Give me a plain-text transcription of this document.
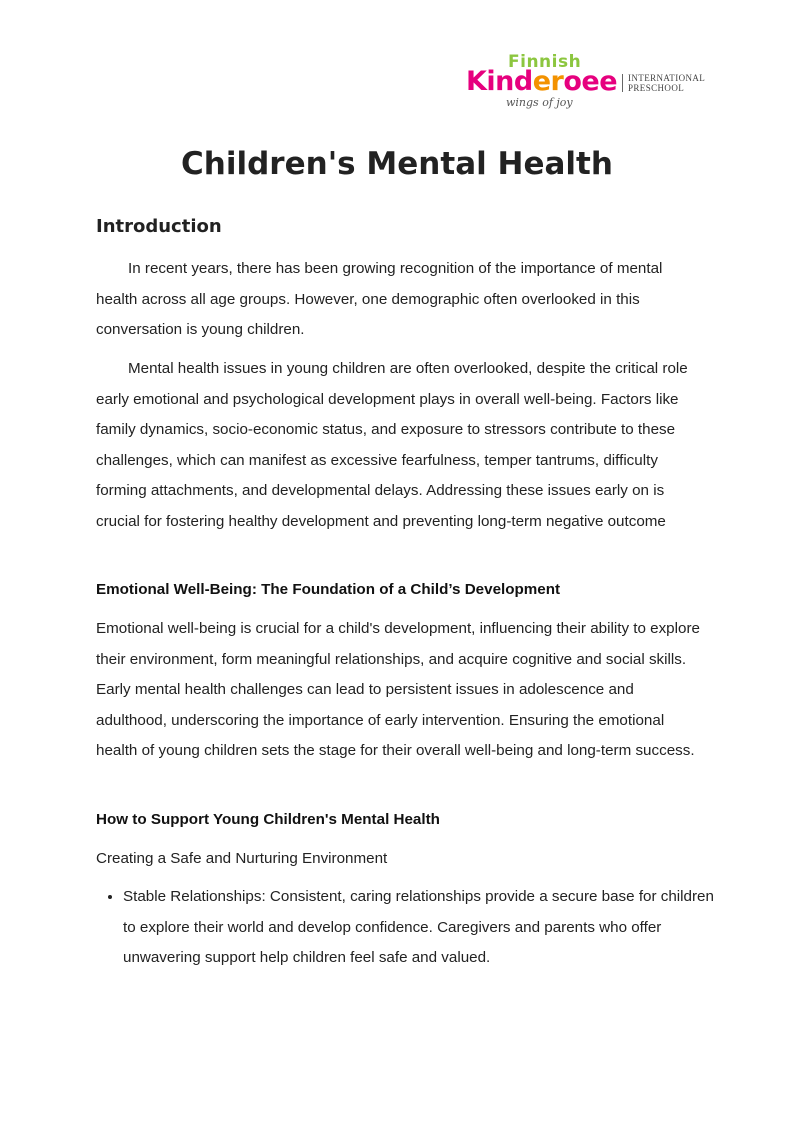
Finnish
Kinderoee
wings of joy
INTERNATIONAL
PRESCHOOL
Children's Mental Health
Introduction

In recent years, there has been growing recognition of the importance of mental health across all age groups. However, one demographic often overlooked in this conversation is young children.

Mental health issues in young children are often overlooked, despite the critical role early emotional and psychological development plays in overall well-being. Factors like family dynamics, socio-economic status, and exposure to stressors contribute to these challenges, which can manifest as excessive fearfulness, temper tantrums, difficulty forming attachments, and developmental delays. Addressing these issues early on is crucial for fostering healthy development and preventing long-term negative outcome

Emotional Well-Being: The Foundation of a Child’s Development

Emotional well-being is crucial for a child's development, influencing their ability to explore their environment, form meaningful relationships, and acquire cognitive and social skills. Early mental health challenges can lead to persistent issues in adolescence and adulthood, underscoring the importance of early intervention. Ensuring the emotional health of young children sets the stage for their overall well-being and long-term success.

How to Support Young Children's Mental Health

Creating a Safe and Nurturing Environment

• Stable Relationships: Consistent, caring relationships provide a secure base for children to explore their world and develop confidence. Caregivers and parents who offer unwavering support help children feel safe and valued.
